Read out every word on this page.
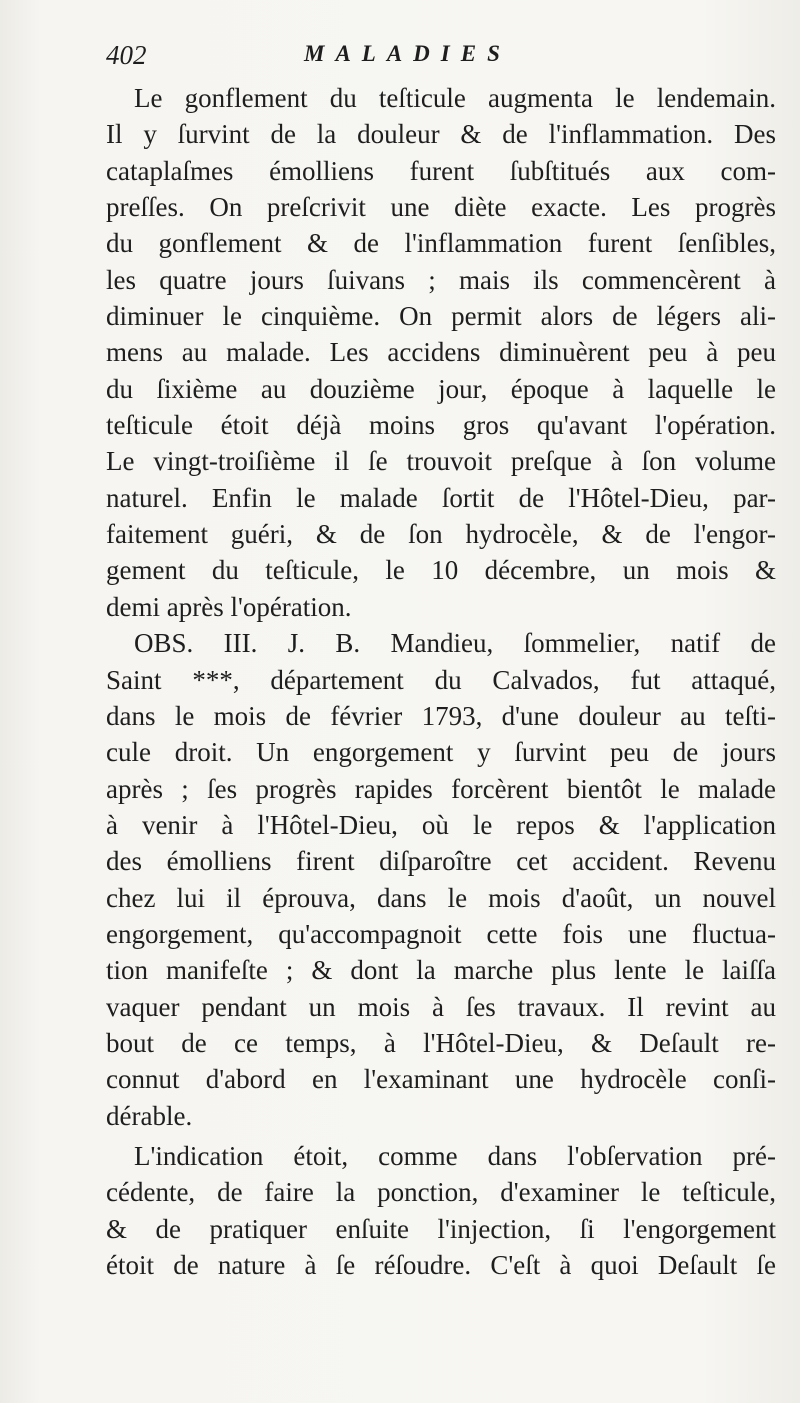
402	MALADIES
Le gonflement du teſticule augmenta le lendemain.
Il y ſurvint de la douleur & de l'inflammation. Des
cataplaſmes émolliens furent ſubſtitués aux com-
preſſes. On preſcrivit une diète exacte. Les progrès
du gonflement & de l'inflammation furent ſenſibles,
les quatre jours ſuivans ; mais ils commencèrent à
diminuer le cinquième. On permit alors de légers ali-
mens au malade. Les accidens diminuèrent peu à peu
du ſixième au douzième jour, époque à laquelle le
teſticule étoit déjà moins gros qu'avant l'opération.
Le vingt-troiſième il ſe trouvoit preſque à ſon volume
naturel. Enfin le malade ſortit de l'Hôtel-Dieu, par-
faitement guéri, & de ſon hydrocèle, & de l'engor-
gement du teſticule, le 10 décembre, un mois &
demi après l'opération.
OBS. III. J. B. Mandieu, ſommelier, natif de
Saint ***, département du Calvados, fut attaqué,
dans le mois de février 1793, d'une douleur au teſti-
cule droit. Un engorgement y ſurvint peu de jours
après ; ſes progrès rapides forcèrent bientôt le malade
à venir à l'Hôtel-Dieu, où le repos & l'application
des émolliens firent diſparoître cet accident. Revenu
chez lui il éprouva, dans le mois d'août, un nouvel
engorgement, qu'accompagnoit cette fois une fluctua-
tion manifeſte ; & dont la marche plus lente le laiſſa
vaquer pendant un mois à ſes travaux. Il revint au
bout de ce temps, à l'Hôtel-Dieu, & Deſault re-
connut d'abord en l'examinant une hydrocèle conſi-
dérable.
L'indication étoit, comme dans l'obſervation pré-
cédente, de faire la ponction, d'examiner le teſticule,
& de pratiquer enſuite l'injection, ſi l'engorgement
étoit de nature à ſe réſoudre. C'eſt à quoi Deſault ſe
